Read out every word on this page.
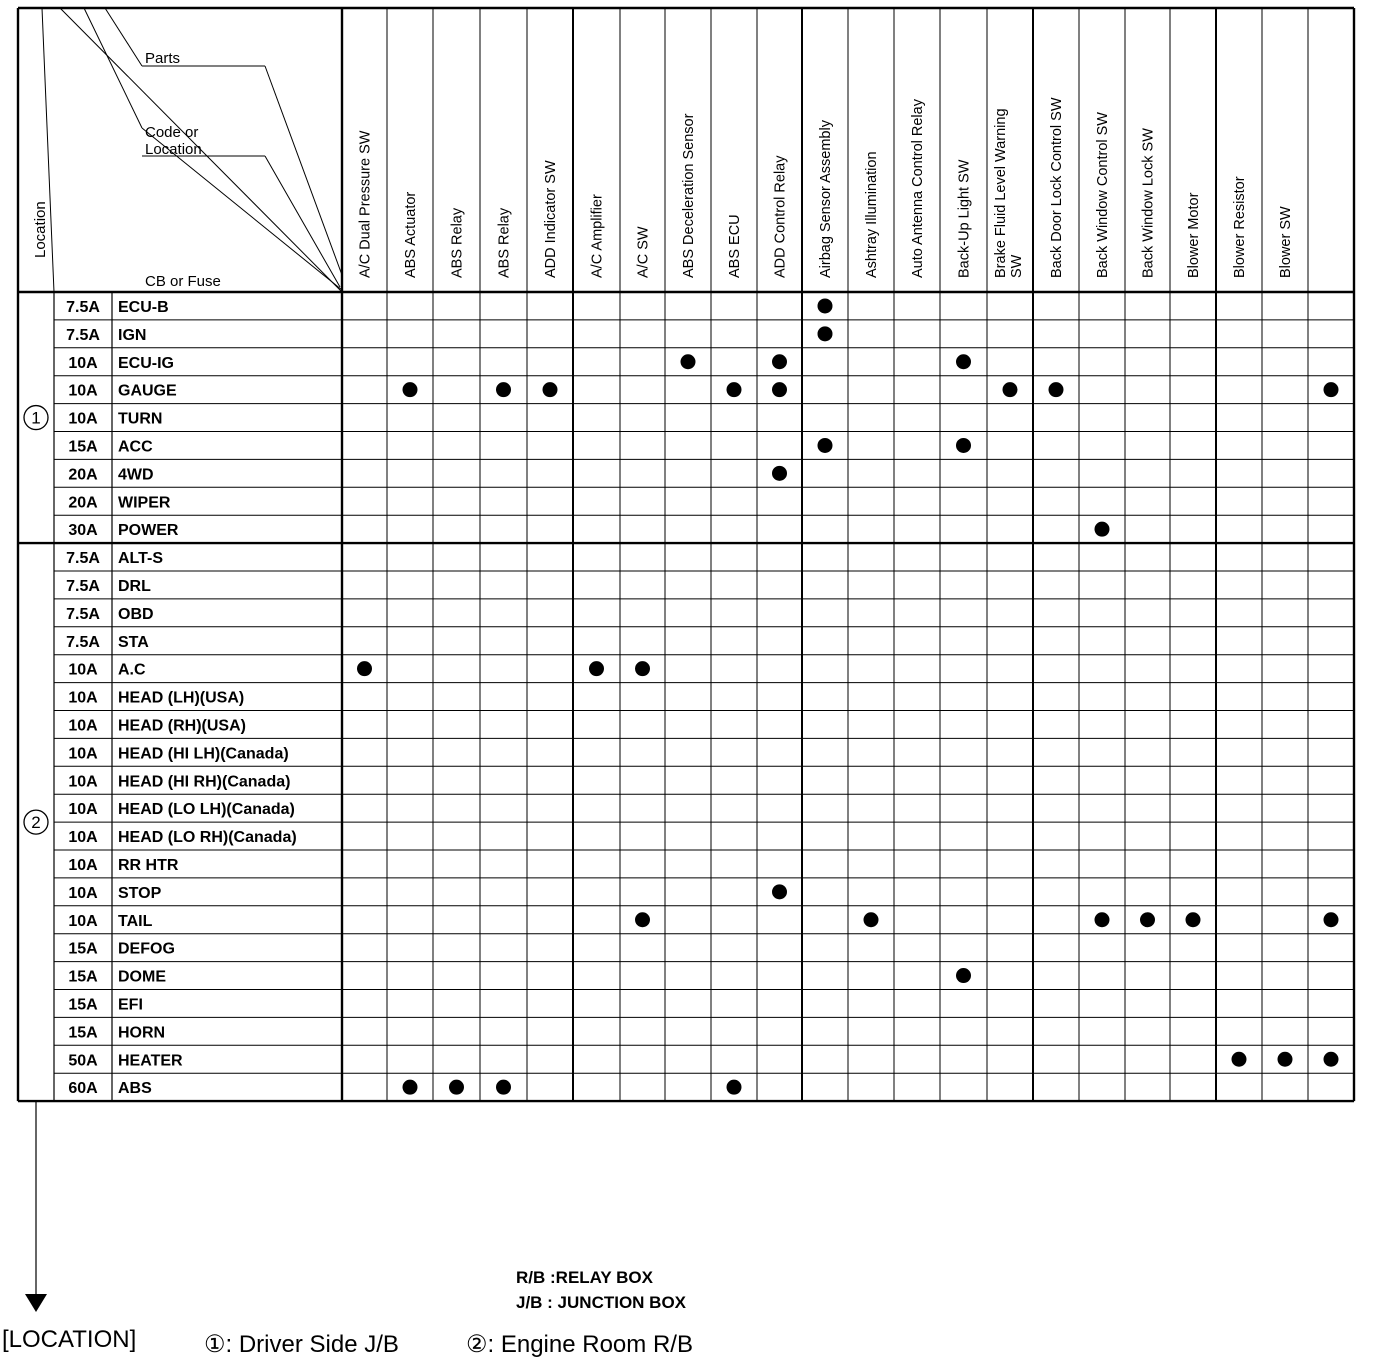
Location
Parts
Code or
Location
CB or Fuse
A/C Dual Pressure SW ABS Actuator ABS Relay ABS Relay ADD Indicator SW A/C Amplifier A/C SW ABS Deceleration Sensor ABS ECU ADD Control Relay Airbag Sensor Assembly Ashtray Illumination Auto Antenna Control Relay Back-Up Light SW Brake Fluid Level WarningSW Back Door Lock Control SW Back Window Control SW Back Window Lock SW Blower Motor Blower Resistor Blower SW
7.5A ECU-B
7.5A IGN
10A ECU-IG
10A GAUGE
10A TURN
15A ACC
20A 4WD
20A WIPER
30A POWER
1
7.5A ALT-S
7.5A DRL
7.5A OBD
7.5A STA
10A A.C
10A HEAD (LH)(USA)
10A HEAD (RH)(USA)
10A HEAD (HI LH)(Canada)
10A HEAD (HI RH)(Canada)
10A HEAD (LO LH)(Canada)
10A HEAD (LO RH)(Canada)
10A RR HTR
10A STOP
10A TAIL
15A DEFOG
15A DOME
15A EFI
15A HORN
50A HEATER
60A ABS
2
R/B :RELAY BOX
J/B : JUNCTION BOX
[LOCATION]	①: Driver Side J/B	②: Engine Room R/B
